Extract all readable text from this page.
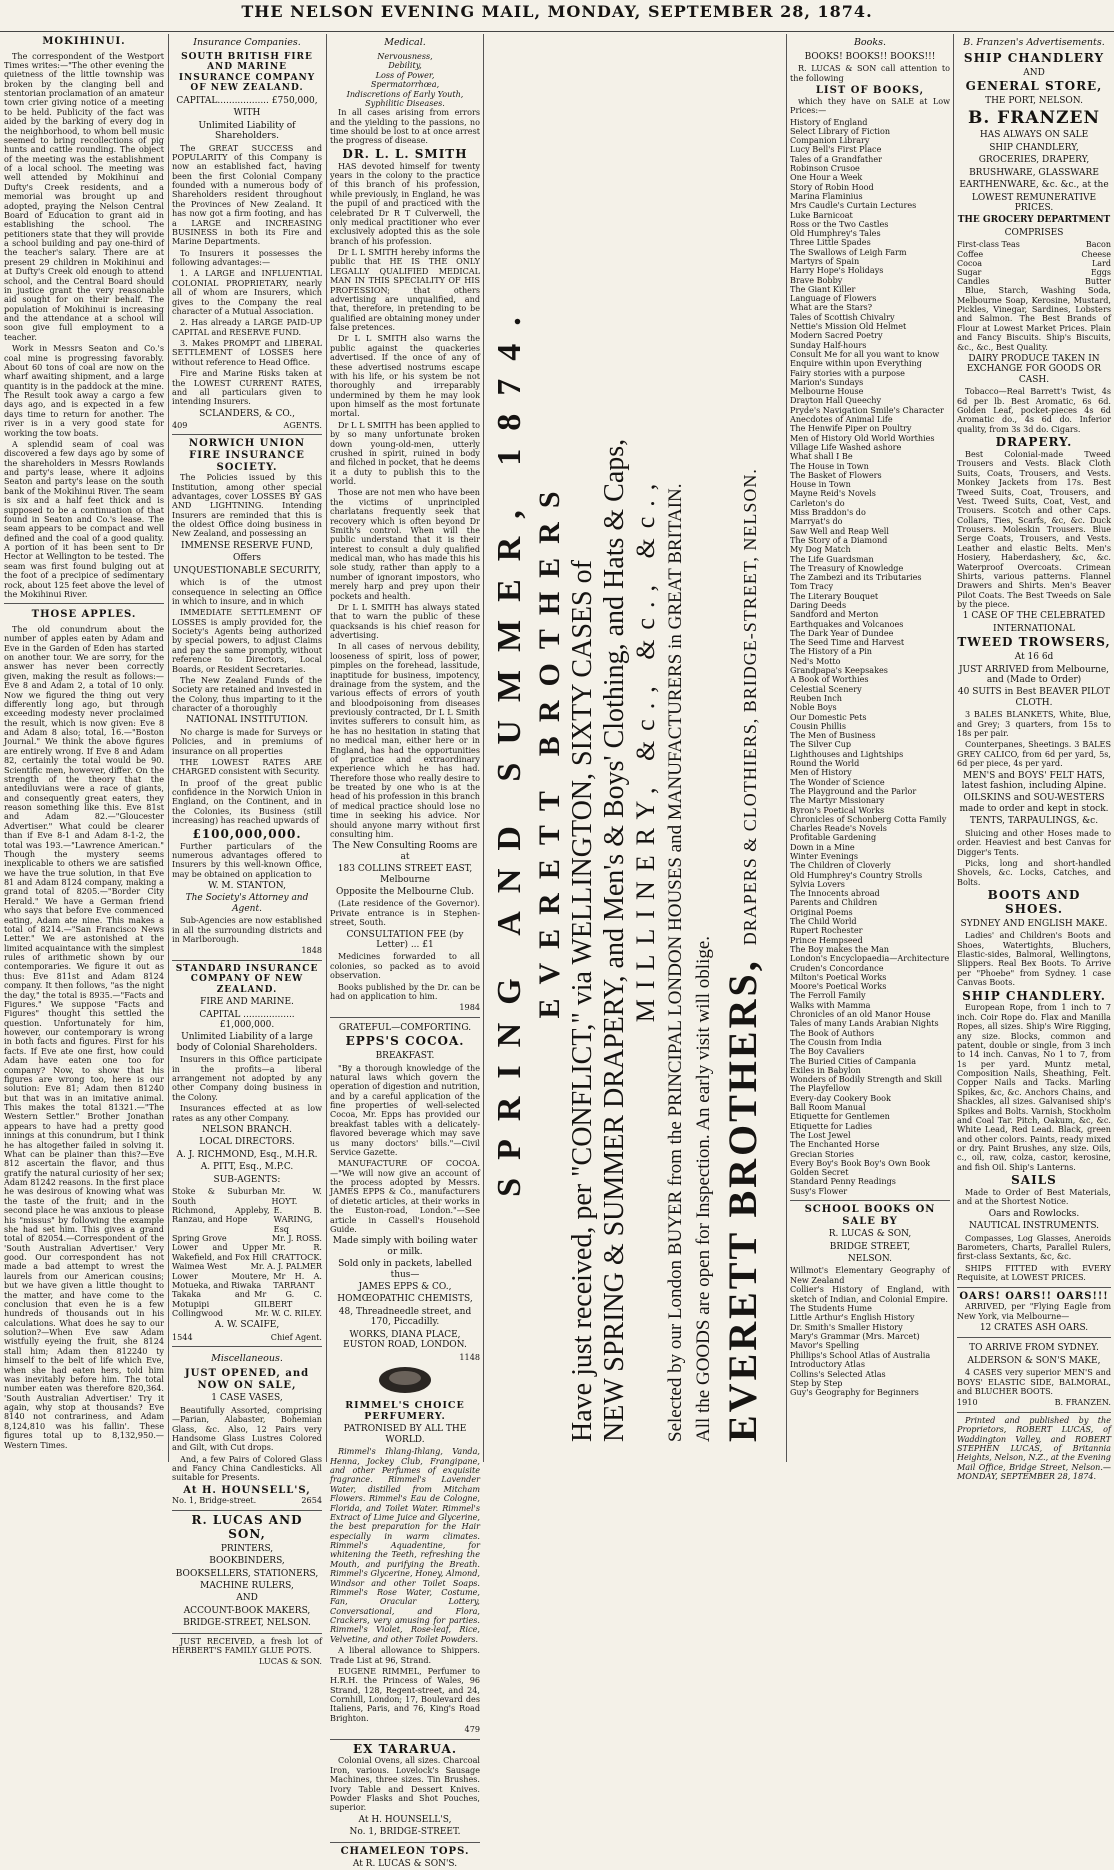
THE NELSON EVENING MAIL, MONDAY, SEPTEMBER 28, 1874.
MOKIHINUI.

The correspondent of the Westport Times writes:—"The other evening the quietness of the little township was broken by the clanging bell and stentorian proclamation of an amateur town crier giving notice of a meeting to be held. Publicity of the fact was aided by the barking of every dog in the neighborhood, to whom bell music seemed to bring recollections of pig hunts and cattle rounding. The object of the meeting was the establishment of a local school. The meeting was well attended by Mokihinui and Dufty's Creek residents, and a memorial was brought up and adopted, praying the Nelson Central Board of Education to grant aid in establishing the school. The petitioners state that they will provide a school building and pay one-third of the teacher's salary. There are at present 29 children in Mokihinui and at Dufty's Creek old enough to attend school, and the Central Board should in justice grant the very reasonable aid sought for on their behalf. The population of Mokihinui is increasing and the attendance at a school will soon give full employment to a teacher.

Work in Messrs Seaton and Co.'s coal mine is progressing favorably. About 60 tons of coal are now on the wharf awaiting shipment, and a large quantity is in the paddock at the mine. The Result took away a cargo a few days ago, and is expected in a few days time to return for another. The river is in a very good state for working the tow boats.

A splendid seam of coal was discovered a few days ago by some of the shareholders in Messrs Rowlands and party's lease, where it adjoins Seaton and party's lease on the south bank of the Mokihinui River. The seam is six and a half feet thick and is supposed to be a continuation of that found in Seaton and Co.'s lease. The seam appears to be compact and well defined and the coal of a good quality. A portion of it has been sent to Dr Hector at Wellington to be tested. The seam was first found bulging out at the foot of a precipice of sedimentary rock, about 125 feet above the level of the Mokihinui River.

THOSE APPLES.

The old conundrum about the number of apples eaten by Adam and Eve in the Garden of Eden has started on another tour. We are sorry, for the answer has never been correctly given, making the result as follows:—Eve 8 and Adam 2, a total of 10 only. Now we figured the thing out very differently long ago, but through exceeding modesty never proclaimed the result, which is now given: Eve 8 and Adam 8 also; total, 16.—"Boston Journal." We think the above figures are entirely wrong. If Eve 8 and Adam 82, certainly the total would be 90. Scientific men, however, differ. On the strength of the theory that the antediluvians were a race of giants, and consequently great eaters, they reason something like this. Eve 81st and Adam 82.—"Gloucester Advertiser." What could be clearer than if Eve 8-1 and Adam 8-1-2, the total was 193.—"Lawrence American." Though the mystery seems inexplicable to others we are satisfied we have the true solution, in that Eve 81 and Adam 8124 company, making a grand total of 8205.—"Border City Herald." We have a German friend who says that before Eve commenced eating, Adam ate nine. This makes a total of 8214.—"San Francisco News Letter." We are astonished at the limited acquaintance with the simplest rules of arithmetic shown by our contemporaries. We figure it out as thus: Eve 811st and Adam 8124 company. It then follows, "as the night the day," the total is 8935.—"Facts and Figures." We suppose "Facts and Figures" thought this settled the question. Unfortunately for him, however, our contemporary is wrong in both facts and figures. First for his facts. If Eve ate one first, how could Adam have eaten one too for company? Now, to show that his figures are wrong too, here is our solution: Eve 81; Adam then 81240 but that was in an imitative animal. This makes the total 81321.—"The Western Settler." Brother Jonathan appears to have had a pretty good innings at this conundrum, but I think he has altogether failed in solving it. What can be plainer than this?—Eve 812 ascertain the flavor, and thus gratify the natural curiosity of her sex; Adam 81242 reasons. In the first place he was desirous of knowing what was the taste of the fruit; and in the second place he was anxious to please his "missus" by following the example she had set him. This gives a grand total of 82054.—Correspondent of the 'South Australian Advertiser.' Very good. Our correspondent has not made a bad attempt to wrest the laurels from our American cousins; but we have given a little thought to the matter, and have come to the conclusion that even he is a few hundreds of thousands out in his calculations. What does he say to our solution?—When Eve saw Adam wistfully eyeing the fruit, she 8124 stall him; Adam then 812240 ty himself to the belt of life which Eve, when she had eaten hers, told him was inevitably before him. The total number eaten was therefore 820,364. 'South Australian Advertiser.' Try it again, why stop at thousands? Eve 8140 not contrariness, and Adam 8,124,810 was his fallin'. These figures total up to 8,132,950.—Western Times.

Insurance Companies.
SOUTH BRITISH FIRE AND MARINE INSURANCE COMPANY OF NEW ZEALAND.
CAPITAL.................. £750,000,
WITH
Unlimited Liability of Shareholders.

The GREAT SUCCESS and POPULARITY of this Company is now an established fact, having been the first Colonial Company founded with a numerous body of Shareholders resident throughout the Provinces of New Zealand. It has now got a firm footing, and has a LARGE and INCREASING BUSINESS in both its Fire and Marine Departments.

To Insurers it possesses the following advantages:—

1. A LARGE and INFLUENTIAL COLONIAL PROPRIETARY, nearly all of whom are Insurers, which gives to the Company the real character of a Mutual Association.

2. Has already a LARGE PAID-UP CAPITAL and RESERVE FUND.

3. Makes PROMPT and LIBERAL SETTLEMENT of LOSSES here without reference to Head Office.

Fire and Marine Risks taken at the LOWEST CURRENT RATES, and all particulars given to intending Insurers.

SCLANDERS, & CO.,
409	AGENTS.
NORWICH UNION FIRE INSURANCE SOCIETY.

The Policies issued by this Institution, among other special advantages, cover LOSSES BY GAS AND LIGHTNING. Intending Insurers are reminded that this is the oldest Office doing business in New Zealand, and possessing an

IMMENSE RESERVE FUND,
Offers
UNQUESTIONABLE SECURITY,

which is of the utmost consequence in selecting an Office in which to insure, and in which

IMMEDIATE SETTLEMENT OF LOSSES is amply provided for, the Society's Agents being authorized by special powers, to adjust Claims and pay the same promptly, without reference to Directors, Local Boards, or Resident Secretaries.

The New Zealand Funds of the Society are retained and invested in the Colony, thus imparting to it the character of a thoroughly

NATIONAL INSTITUTION.

No charge is made for Surveys or Policies, and in premiums of insurance on all properties

THE LOWEST RATES ARE CHARGED consistent with Security.

In proof of the great public confidence in the Norwich Union in England, on the Continent, and in the Colonies, its Business (still increasing) has reached upwards of

£100,000,000.

Further particulars of the numerous advantages offered to Insurers by this well-known Office, may be obtained on application to

W. M. STANTON,
The Society's Attorney and Agent.

Sub-Agencies are now established in all the surrounding districts and in Marlborough.

1848
STANDARD INSURANCE COMPANY OF NEW ZEALAND.
FIRE AND MARINE.
CAPITAL .................. £1,000,000.
Unlimited Liability of a large body of Colonial Shareholders.

Insurers in this Office participate in the profits—a liberal arrangement not adopted by any other Company doing business in the Colony.

Insurances effected at as low rates as any other Company.

NELSON BRANCH.
LOCAL DIRECTORS.
A. J. RICHMOND, Esq., M.H.R.
A. PITT, Esq., M.P.C.
SUB-AGENTS:
Stoke & Suburban South
Mr. W. HOYT.
Richmond, Appleby, Ranzau, and Hope
E. B. WARING, Esq
Spring Grove	Mr. J. ROSS.
Lower and Upper Wakefield, and Fox Hill
Mr. R. CRATTOCK.
Waimea West	Mr. A. J. PALMER
Lower Moutere, Motueka, and Riwaka
Mr H. A. TARRANT
Takaka and Motupipi
Mr G. C. GILBERT
Collingwood	Mr. W. C. RILEY.
A. W. SCAIFE,
1544	Chief Agent.
Miscellaneous.
JUST OPENED, and NOW ON SALE,
1 CASE VASES,

Beautifully Assorted, comprising—Parian, Alabaster, Bohemian Glass, &c. Also, 12 Pairs very Handsome Glass Lustres Colored and Gilt, with Cut drops.

And, a few Pairs of Colored Glass and Fancy China Candlesticks. All suitable for Presents.

At H. HOUNSELL'S,
No. 1, Bridge-street.	2654
R. LUCAS AND SON,
PRINTERS,
BOOKBINDERS,
BOOKSELLERS, STATIONERS,
MACHINE RULERS,
AND
ACCOUNT-BOOK MAKERS,
BRIDGE-STREET, NELSON.

JUST RECEIVED, a fresh lot of HERBERT'S FAMILY GLUE POTS.

LUCAS & SON.
Medical.
Nervousness,
Debility,
Loss of Power,
Spermatorrhœa,
Indiscretions of Early Youth,
Syphilitic Diseases.

In all cases arising from errors and the yielding to the passions, no time should be lost to at once arrest the progress of disease.

DR. L. L. SMITH

HAS devoted himself for twenty years in the colony to the practice of this branch of his profession, while previously, in England, he was the pupil of and practiced with the celebrated Dr R T Culverwell, the only medical practitioner who ever exclusively adopted this as the sole branch of his profession.

Dr L L SMITH hereby informs the public that HE IS THE ONLY LEGALLY QUALIFIED MEDICAL MAN IN THIS SPECIALITY OF HIS PROFESSION; that others advertising are unqualified, and that, therefore, in pretending to be qualified are obtaining money under false pretences.

Dr L L SMITH also warns the public against the quackeries advertised. If the once of any of these advertised nostrums escape with his life, or his system be not thoroughly and irreparably undermined by them he may look upon himself as the most fortunate mortal.

Dr L L SMITH has been applied to by so many unfortunate broken down young-old-men, utterly crushed in spirit, ruined in body and filched in pocket, that he deems it a duty to publish this to the world.

Those are not men who have been the victims of unprincipled charlatans frequently seek that recovery which is often beyond Dr Smith's control. When will the public understand that it is their interest to consult a duly qualified medical man, who has made this his sole study, rather than apply to a number of ignorant impostors, who merely harp and prey upon their pockets and health.

Dr L L SMITH has always stated that to warn the public of these quacksands is his chief reason for advertising.

In all cases of nervous debility, looseness of spirit, loss of power, pimples on the forehead, lassitude, inaptitude for business, impotency, drainage from the system, and the various effects of errors of youth and bloodpoisoning from diseases previously contracted, Dr L L Smith invites sufferers to consult him, as he has no hesitation in stating that no medical man, either here or in England, has had the opportunities of practice and extraordinary experience which he has had. Therefore those who really desire to be treated by one who is at the head of his profession in this branch of medical practice should lose no time in seeking his advice. Nor should anyone marry without first consulting him.

The New Consulting Rooms are at
183 COLLINS STREET EAST, Melbourne
Opposite the Melbourne Club.

(Late residence of the Governor). Private entrance is in Stephen-street, South.

CONSULTATION FEE (by Letter) ... £1

Medicines forwarded to all colonies, so packed as to avoid observation.

Books published by the Dr. can be had on application to him.

1984
GRATEFUL—COMFORTING.
EPPS'S COCOA.
BREAKFAST.

"By a thorough knowledge of the natural laws which govern the operation of digestion and nutrition, and by a careful application of the fine properties of well-selected Cocoa, Mr. Epps has provided our breakfast tables with a delicately-flavored beverage which may save us many doctors' bills."—Civil Service Gazette.

MANUFACTURE OF COCOA.—"We will now give an account of the process adopted by Messrs. JAMES EPPS & Co., manufacturers of dietetic articles, at their works in the Euston-road, London."—See article in Cassell's Household Guide.

Made simply with boiling water or milk.
Sold only in packets, labelled thus—
JAMES EPPS & CO.,
HOMŒOPATHIC CHEMISTS,
48, Threadneedle street, and 170, Piccadilly.
WORKS, DIANA PLACE, EUSTON ROAD, LONDON.
1148
RIMMEL'S CHOICE PERFUMERY.
PATRONISED BY ALL THE WORLD.

Rimmel's Ihlang-Ihlang, Vanda, Henna, Jockey Club, Frangipane, and other Perfumes of exquisite fragrance. Rimmel's Lavender Water, distilled from Mitcham Flowers. Rimmel's Eau de Cologne, Florida, and Toilet Water. Rimmel's Extract of Lime Juice and Glycerine, the best preparation for the Hair especially in warm climates. Rimmel's Aquadentine, for whitening the Teeth, refreshing the Mouth, and purifying the Breath. Rimmel's Glycerine, Honey, Almond, Windsor and other Toilet Soaps. Rimmel's Rose Water, Costume, Fan, Oracular Lottery, Conversational, and Flora, Crackers, very amusing for parties. Rimmel's Violet, Rose-leaf, Rice, Velvetine, and other Toilet Powders.

A liberal allowance to Shippers. Trade List at 96, Strand.

EUGENE RIMMEL, Perfumer to H.R.H. the Princess of Wales, 96 Strand, 128, Regent-street, and 24, Cornhill, London; 17, Boulevard des Italiens, Paris, and 76, King's Road Brighton.

479
EX TARARUA.

Colonial Ovens, all sizes. Charcoal Iron, various. Lovelock's Sausage Machines, three sizes. Tin Brushes. Ivory Table and Dessert Knives. Powder Flasks and Shot Pouches, superior.

At H. HOUNSELL'S,
No. 1, BRIDGE-STREET.
CHAMELEON TOPS.
At R. LUCAS & SON'S.
SPRING AND SUMMER, 1874. EVERETT BROTHERS Have just received, per "CONFLICT," via WELLINGTON, SIXTY CASES of NEW SPRING & SUMMER DRAPERY, and Men's & Boys' Clothing, and Hats & Caps, MILLINERY, &c., &c., &c., Selected by our London BUYER from the PRINCIPAL LONDON HOUSES and MANUFACTURERS in GREAT BRITAIN. All the GOODS are open for Inspection. An early visit will oblige. EVERETT BROTHERS, DRAPERS & CLOTHIERS, BRIDGE-STREET, NELSON.
Books.
BOOKS! BOOKS!! BOOKS!!!

R. LUCAS & SON call attention to the following

LIST OF BOOKS,

which they have on SALE at Low Prices:—

History of England
Select Library of Fiction
Companion Library
Lucy Bell's First Place
Tales of a Grandfather
Robinson Crusoe
One Hour a Week
Story of Robin Hood
Marina Flaminius
Mrs Caudle's Curtain Lectures
Luke Barnicoat
Ross or the Two Castles
Old Humphrey's Tales
Three Little Spades
The Swallows of Leigh Farm
Martyrs of Spain
Harry Hope's Holidays
Brave Bobby
The Giant Killer
Language of Flowers
What are the Stars?
Tales of Scottish Chivalry
Nettie's Mission Old Helmet
Modern Sacred Poetry
Sunday Half-hours
Consult Me for all you want to know
Enquire within upon Everything
Fairy stories with a purpose
Marion's Sundays
Melbourne House
Drayton Hall Queechy
Pryde's Navigation Smile's Character
Anecdotes of Animal Life
The Henwife Piper on Poultry
Men of History Old World Worthies
Village Life Washed ashore
What shall I Be
The House in Town
The Basket of Flowers
House in Town
Mayne Reid's Novels
Carleton's do
Miss Braddon's do
Marryat's do
Saw Well and Reap Well
The Story of a Diamond
My Dog Match
The Life Guardsman
The Treasury of Knowledge
The Zambezi and its Tributaries
Tom Tracy
The Literary Bouquet
Daring Deeds
Sandford and Merton
Earthquakes and Volcanoes
The Dark Year of Dundee
The Seed Time and Harvest
The History of a Pin
Ned's Motto
Grandpapa's Keepsakes
A Book of Worthies
Celestial Scenery
Reuben Inch
Noble Boys
Our Domestic Pets
Cousin Phillis
The Men of Business
The Silver Cup
Lighthouses and Lightships
Round the World
Men of History
The Wonder of Science
The Playground and the Parlor
The Martyr Missionary
Byron's Poetical Works
Chronicles of Schonberg Cotta Family
Charles Reade's Novels
Profitable Gardening
Down in a Mine
Winter Evenings
The Children of Cloverly
Old Humphrey's Country Strolls
Sylvia Lovers
The Innocents abroad
Parents and Children
Original Poems
The Child World
Rupert Rochester
Prince Hempseed
The Boy makes the Man
London's Encyclopaedia—Architecture
Cruden's Concordance
Milton's Poetical Works
Moore's Poetical Works
The Ferroll Family
Walks with Mamma
Chronicles of an old Manor House
Tales of many Lands Arabian Nights
The Book of Authors
The Cousin from India
The Boy Cavaliers
The Buried Cities of Campania
Exiles in Babylon
Wonders of Bodily Strength and Skill
The Playfellow
Every-day Cookery Book
Ball Room Manual
Etiquette for Gentlemen
Etiquette for Ladies
The Lost Jewel
The Enchanted Horse
Grecian Stories
Every Boy's Book Boy's Own Book
Golden Secret
Standard Penny Readings
Susy's Flower
SCHOOL BOOKS ON SALE BY
R. LUCAS & SON,
BRIDGE STREET,
NELSON.
Willmot's Elementary Geography of New Zealand
Collier's History of England, with sketch of Indian, and Colonial Empire.
The Students Hume
Little Arthur's English History
Dr. Smith's Smaller History
Mary's Grammar (Mrs. Marcet)
Mavor's Spelling
Phillips's School Atlas of Australia
Introductory Atlas
Collins's Selected Atlas
Step by Step
Guy's Geography for Beginners
B. Franzen's Advertisements.
SHIP CHANDLERY
AND
GENERAL STORE,
THE PORT, NELSON.
B. FRANZEN
HAS ALWAYS ON SALE
SHIP CHANDLERY,
GROCERIES, DRAPERY,
BRUSHWARE, GLASSWARE
EARTHENWARE, &c. &c., at the
LOWEST REMUNERATIVE PRICES.
THE GROCERY DEPARTMENT
COMPRISES
First-class Teas	Bacon
Coffee	Cheese
Cocoa	Lard
Sugar	Eggs
Candles	Butter

Blue, Starch, Washing Soda, Melbourne Soap, Kerosine, Mustard, Pickles, Vinegar, Sardines, Lobsters and Salmon. The Best Brands of Flour at Lowest Market Prices. Plain and Fancy Biscuits. Ship's Biscuits, &c., &c., Best Quality.

DAIRY PRODUCE TAKEN IN EXCHANGE FOR GOODS OR CASH.

Tobacco—Real Barrett's Twist, 4s 6d per lb. Best Aromatic, 6s 6d. Golden Leaf, pocket-pieces 4s 6d Aromatic do., 4s 6d do. Inferior quality, from 3s 3d do. Cigars.

DRAPERY.

Best Colonial-made Tweed Trousers and Vests. Black Cloth Suits, Coats, Trousers, and Vests. Monkey Jackets from 17s. Best Tweed Suits, Coat, Trousers, and Vest. Tweed Suits, Coat, Vest, and Trousers. Scotch and other Caps. Collars, Ties, Scarfs, &c, &c. Duck Trousers. Moleskin Trousers. Blue Serge Coats, Trousers, and Vests. Leather and elastic Belts. Men's Hosiery, Haberdashery, &c, &c. Waterproof Overcoats. Crimean Shirts, various patterns. Flannel Drawers and Shirts. Men's Beaver Pilot Coats. The Best Tweeds on Sale by the piece.

1 CASE OF THE CELEBRATED
INTERNATIONAL
TWEED TROWSERS,
At 16 6d
JUST ARRIVED from Melbourne, and (Made to Order)
40 SUITS in Best BEAVER PILOT CLOTH.

3 BALES BLANKETS, White, Blue, and Grey; 3 quarters, from 15s to 18s per pair.

Counterpanes, Sheetings. 3 BALES GREY CALICO, from 6d per yard, 5s, 6d per piece, 4s per yard.

MEN'S and BOYS' FELT HATS, latest fashion, including Alpine.
OILSKINS and SOU-WESTERS made to order and kept in stock.
TENTS, TARPAULINGS, &c.

Sluicing and other Hoses made to order. Heaviest and best Canvas for Digger's Tents.

Picks, long and short-handled Shovels, &c. Locks, Catches, and Bolts.

BOOTS AND SHOES.
SYDNEY AND ENGLISH MAKE.

Ladies' and Children's Boots and Shoes, Watertights, Bluchers, Elastic-sides, Balmoral, Wellingtons, Slippers. Real Bex Boots. To Arrive per "Phoebe" from Sydney. 1 case Canvas Boots.

SHIP CHANDLERY.

European Rope, from 1 inch to 7 inch. Coir Rope do. Flax and Manilla Ropes, all sizes. Ship's Wire Rigging, any size. Blocks, common and patent, double or single, from 3 inch to 14 inch. Canvas, No 1 to 7, from 1s per yard. Muntz metal, Composition Nails, Sheathing, Felt. Copper Nails and Tacks. Marling Spikes, &c, &c. Anchors Chains, and Shackles, all sizes. Galvanised ship's Spikes and Bolts. Varnish, Stockholm and Coal Tar. Pitch, Oakum, &c, &c. White Lead, Red Lead. Black, green and other colors. Paints, ready mixed or dry. Paint Brushes, any size. Oils, c., oil, raw, colza, castor, kerosine, and fish Oil. Ship's Lanterns.

SAILS

Made to Order of Best Materials, and at the Shortest Notice.

Oars and Rowlocks.
NAUTICAL INSTRUMENTS.

Compasses, Log Glasses, Aneroids Barometers, Charts, Parallel Rulers, first-class Sextants, &c, &c.

SHIPS FITTED with EVERY Requisite, at LOWEST PRICES.

OARS! OARS!! OARS!!!

ARRIVED, per "Flying Eagle from New York, via Melbourne—

12 CRATES ASH OARS.
TO ARRIVE FROM SYDNEY.
ALDERSON & SON'S MAKE,

4 CASES very superior MEN'S and BOYS' ELASTIC SIDE, BALMORAL, and BLUCHER BOOTS.

1910	B. FRANZEN.

Printed and published by the Proprietors, ROBERT LUCAS, of Waddington Valley, and ROBERT STEPHEN LUCAS, of Britannia Heights, Nelson, N.Z., at the Evening Mail Office, Bridge Street, Nelson.—MONDAY, SEPTEMBER 28, 1874.
